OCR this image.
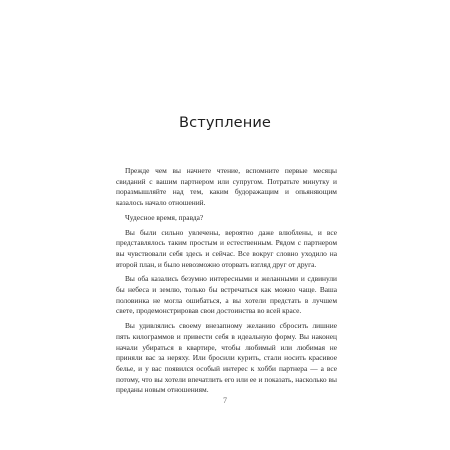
Вступление

Прежде чем вы начнете чтение, вспомните первые месяцы свиданий с вашим партнером или супругом. Потратьте минутку и поразмышляйте над тем, каким будоражащим и опьяняющим казалось начало отношений.

Чудесное время, правда?

Вы были сильно увлечены, вероятно даже влюблены, и все представлялось таким простым и естественным. Рядом с партнером вы чувствовали себя здесь и сейчас. Все вокруг словно уходило на второй план, и было невозможно оторвать взгляд друг от друга.

Вы оба казались безумно интересными и желанными и сдвинули бы небеса и землю, только бы встречаться как можно чаще. Ваша половинка не могла ошибаться, а вы хотели предстать в лучшем свете, продемонстрировав свои достоинства во всей красе.

Вы удивлялись своему внезапному желанию сбросить лишние пять килограммов и привести себя в идеальную форму. Вы наконец начали убираться в квартире, чтобы любимый или любимая не приняли вас за неряху. Или бросили курить, стали носить красивое белье, и у вас появился особый интерес к хобби партнера — а все потому, что вы хотели впечатлить его или ее и показать, насколько вы преданы новым отношениям.

7
